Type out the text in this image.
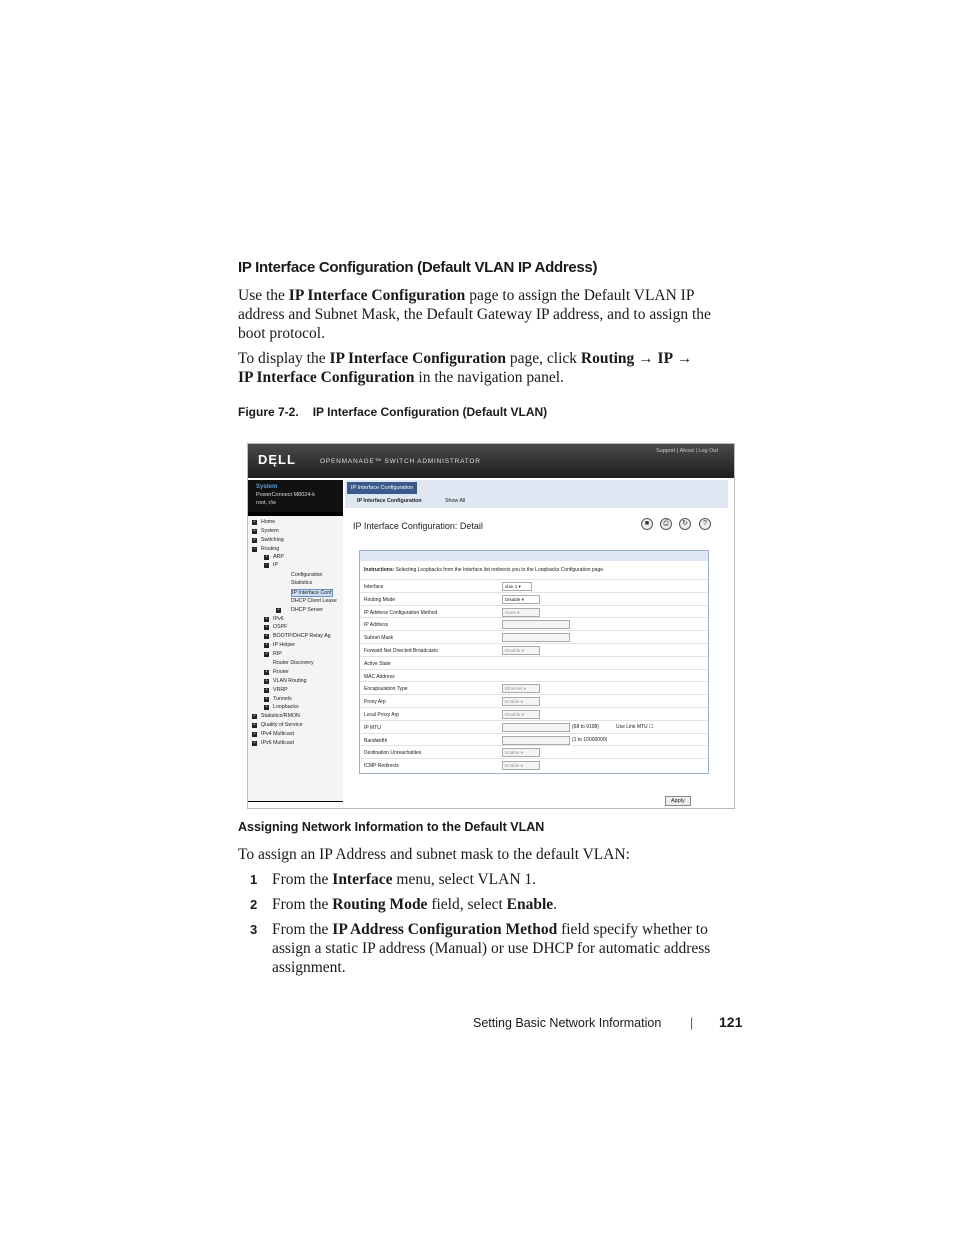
IP Interface Configuration (Default VLAN IP Address)
Use the IP Interface Configuration page to assign the Default VLAN IP
address and Subnet Mask, the Default Gateway IP address, and to assign the
boot protocol.
To display the IP Interface Configuration page, click Routing → IP →
IP Interface Configuration in the navigation panel.
Figure 7-2. IP Interface Configuration (Default VLAN)
DĘLL	OPENMANAGE™ SWITCH ADMINISTRATOR
Support | About | Log Out
System
PowerConnect M8024-k
root, r/w
+ Home
+ System
+ Switching
− Routing
+ ARP
− IP
Configuration
Statistics
IP Interface Conf
DHCP Client Lease
+ DHCP Server
+ IPv6
+ OSPF
+ BOOTP/DHCP Relay Ag
+ IP Helper
+ RIP
Router Discovery
+ Router
+ VLAN Routing
+ VRRP
+ Tunnels
+ Loopbacks
+ Statistics/RMON
+ Quality of Service
+ IPv4 Multicast
+ IPv6 Multicast
IP Interface Configuration
IP Interface Configuration	Show All
IP Interface Configuration: Detail	■	⎙	↻	?
Instructions: Selecting Loopbacks from the Interface list redirects you to the Loopbacks Configuration page.
Interface	vlan 1 ▾
Routing Mode	Disable ▾
IP Address Configuration Method	None ▾
IP Address
Subnet Mask
Forward Net Directed Broadcasts	Disable ▾
Active State
MAC Address
Encapsulation Type	Ethernet ▾
Proxy Arp	Enable ▾
Local Proxy Arp	Disable ▾
IP MTU	(68 to 9198)	Use Link MTU ☐
Bandwidth	(1 to 10000000)
Destination Unreachables	Enable ▾
ICMP Redirects	Enable ▾
Apply
Assigning Network Information to the Default VLAN
To assign an IP Address and subnet mask to the default VLAN:
1 From the Interface menu, select VLAN 1.
2 From the Routing Mode field, select Enable.
3 From the IP Address Configuration Method field specify whether to
assign a static IP address (Manual) or use DHCP for automatic address
assignment.
Setting Basic Network Information | 121
